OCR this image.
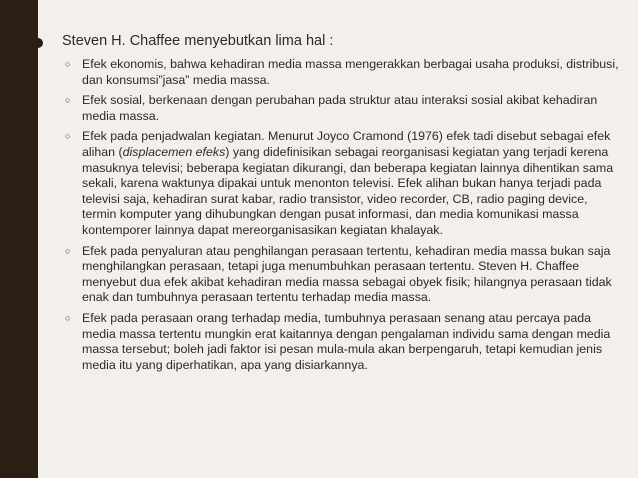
Steven H. Chaffee menyebutkan lima hal :
○ Efek ekonomis, bahwa kehadiran media massa mengerakkan berbagai usaha produksi, distribusi, dan konsumsi”jasa” media massa.
○ Efek sosial, berkenaan dengan perubahan pada struktur atau interaksi sosial akibat kehadiran media massa.
○ Efek pada penjadwalan kegiatan. Menurut Joyco Cramond (1976) efek tadi disebut sebagai efek alihan (displacemen efeks) yang didefinisikan sebagai reorganisasi kegiatan yang terjadi kerena masuknya televisi; beberapa kegiatan dikurangi, dan beberapa kegiatan lainnya dihentikan sama sekali, karena waktunya dipakai untuk menonton televisi. Efek alihan bukan hanya terjadi pada televisi saja, kehadiran surat kabar, radio transistor, video recorder, CB, radio paging device, termin komputer yang dihubungkan dengan pusat informasi, dan media komunikasi massa kontemporer lainnya dapat mereorganisasikan kegiatan khalayak.
○ Efek pada penyaluran atau penghilangan perasaan tertentu, kehadiran media massa bukan saja menghilangkan perasaan, tetapi juga menumbuhkan perasaan tertentu. Steven H. Chaffee menyebut dua efek akibat kehadiran media massa sebagai obyek fisik; hilangnya perasaan tidak enak dan tumbuhnya perasaan tertentu terhadap media massa.
○ Efek pada perasaan orang terhadap media, tumbuhnya perasaan senang atau percaya pada media massa tertentu mungkin erat kaitannya dengan pengalaman individu sama dengan media massa tersebut; boleh jadi faktor isi pesan mula-mula akan berpengaruh, tetapi kemudian jenis media itu yang diperhatikan, apa yang disiarkannya.
